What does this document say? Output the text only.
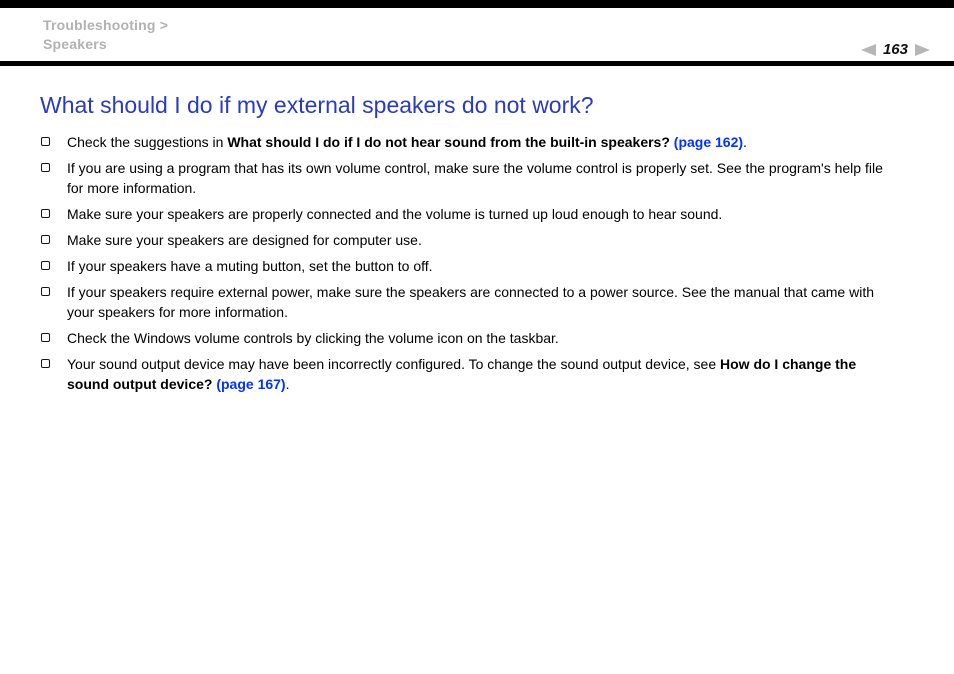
Troubleshooting >
Speakers	163
What should I do if my external speakers do not work?
Check the suggestions in What should I do if I do not hear sound from the built-in speakers? (page 162).
If you are using a program that has its own volume control, make sure the volume control is properly set. See the program's help file for more information.
Make sure your speakers are properly connected and the volume is turned up loud enough to hear sound.
Make sure your speakers are designed for computer use.
If your speakers have a muting button, set the button to off.
If your speakers require external power, make sure the speakers are connected to a power source. See the manual that came with your speakers for more information.
Check the Windows volume controls by clicking the volume icon on the taskbar.
Your sound output device may have been incorrectly configured. To change the sound output device, see How do I change the sound output device? (page 167).
